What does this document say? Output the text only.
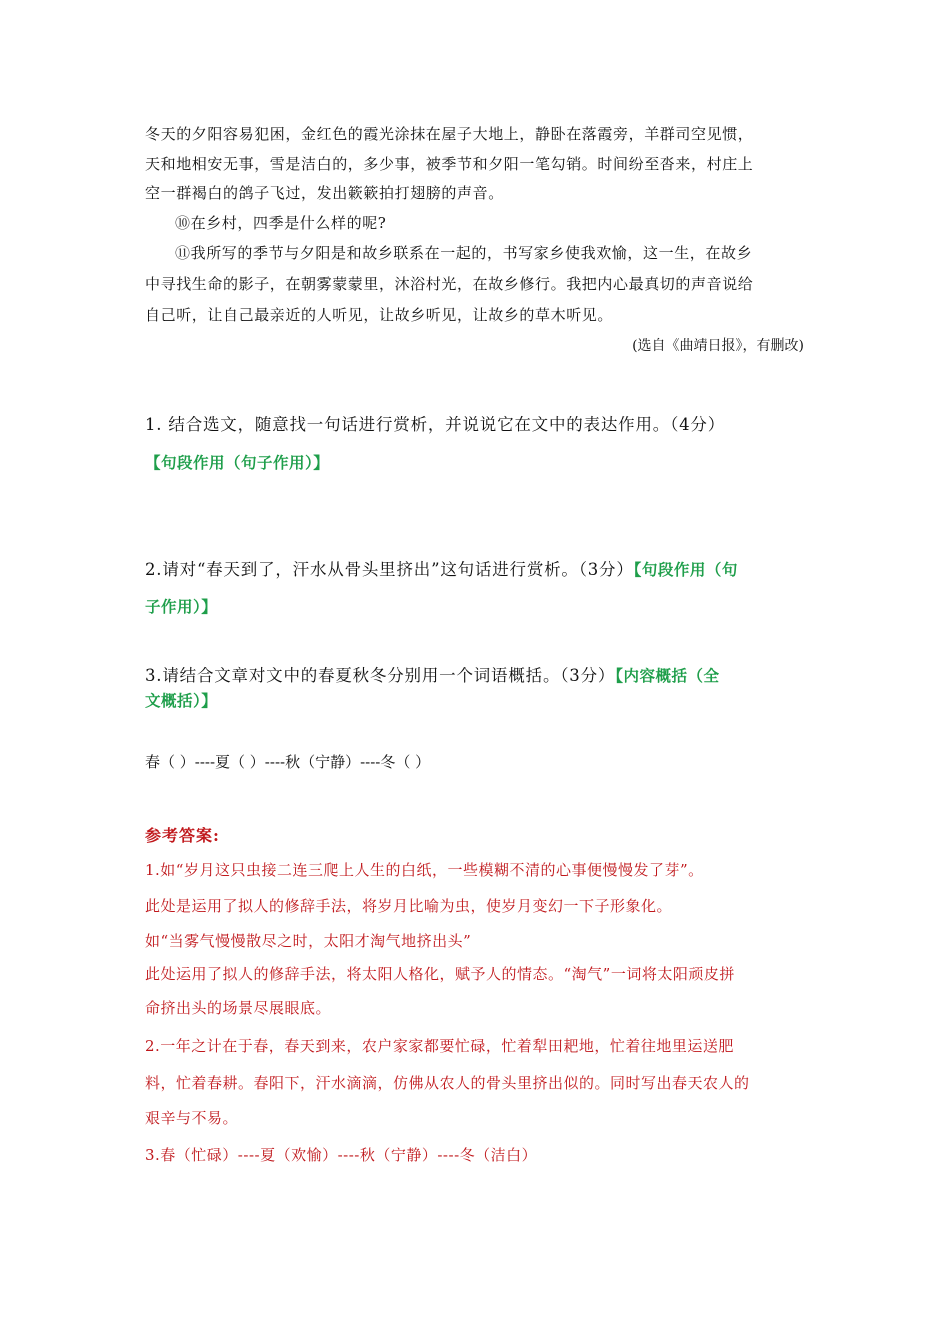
冬天的夕阳容易犯困，金红色的霞光涂抹在屋子大地上，静卧在落霞旁，羊群司空见惯，
天和地相安无事，雪是洁白的，多少事，被季节和夕阳一笔勾销。时间纷至沓来，村庄上
空一群褐白的鸽子飞过，发出簌簌拍打翅膀的声音。
⑩在乡村，四季是什么样的呢?
⑪我所写的季节与夕阳是和故乡联系在一起的，书写家乡使我欢愉，这一生，在故乡
中寻找生命的影子，在朝雾蒙蒙里，沐浴村光，在故乡修行。我把内心最真切的声音说给
自己听，让自己最亲近的人听见，让故乡听见，让故乡的草木听见。
(选自《曲靖日报》，有删改)
1. 结合选文，随意找一句话进行赏析，并说说它在文中的表达作用。（4分）
【句段作用（句子作用）】
2.请对“春天到了，汗水从骨头里挤出”这句话进行赏析。（3分）【句段作用（句
子作用）】
3.请结合文章对文中的春夏秋冬分别用一个词语概括。（3分）【内容概括（全
文概括）】
春（ ）----夏（ ）----秋（宁静）----冬（ ）
参考答案:
1.如“岁月这只虫接二连三爬上人生的白纸，一些模糊不清的心事便慢慢发了芽”。
此处是运用了拟人的修辞手法，将岁月比喻为虫，使岁月变幻一下子形象化。
如“当雾气慢慢散尽之时，太阳才淘气地挤出头”
此处运用了拟人的修辞手法，将太阳人格化，赋予人的情态。“淘气”一词将太阳顽皮拼
命挤出头的场景尽展眼底。
2.一年之计在于春，春天到来，农户家家都要忙碌，忙着犁田耙地，忙着往地里运送肥
料，忙着春耕。春阳下，汗水滴滴，仿佛从农人的骨头里挤出似的。同时写出春天农人的
艰辛与不易。
3.春（忙碌）----夏（欢愉）----秋（宁静）----冬（洁白）
